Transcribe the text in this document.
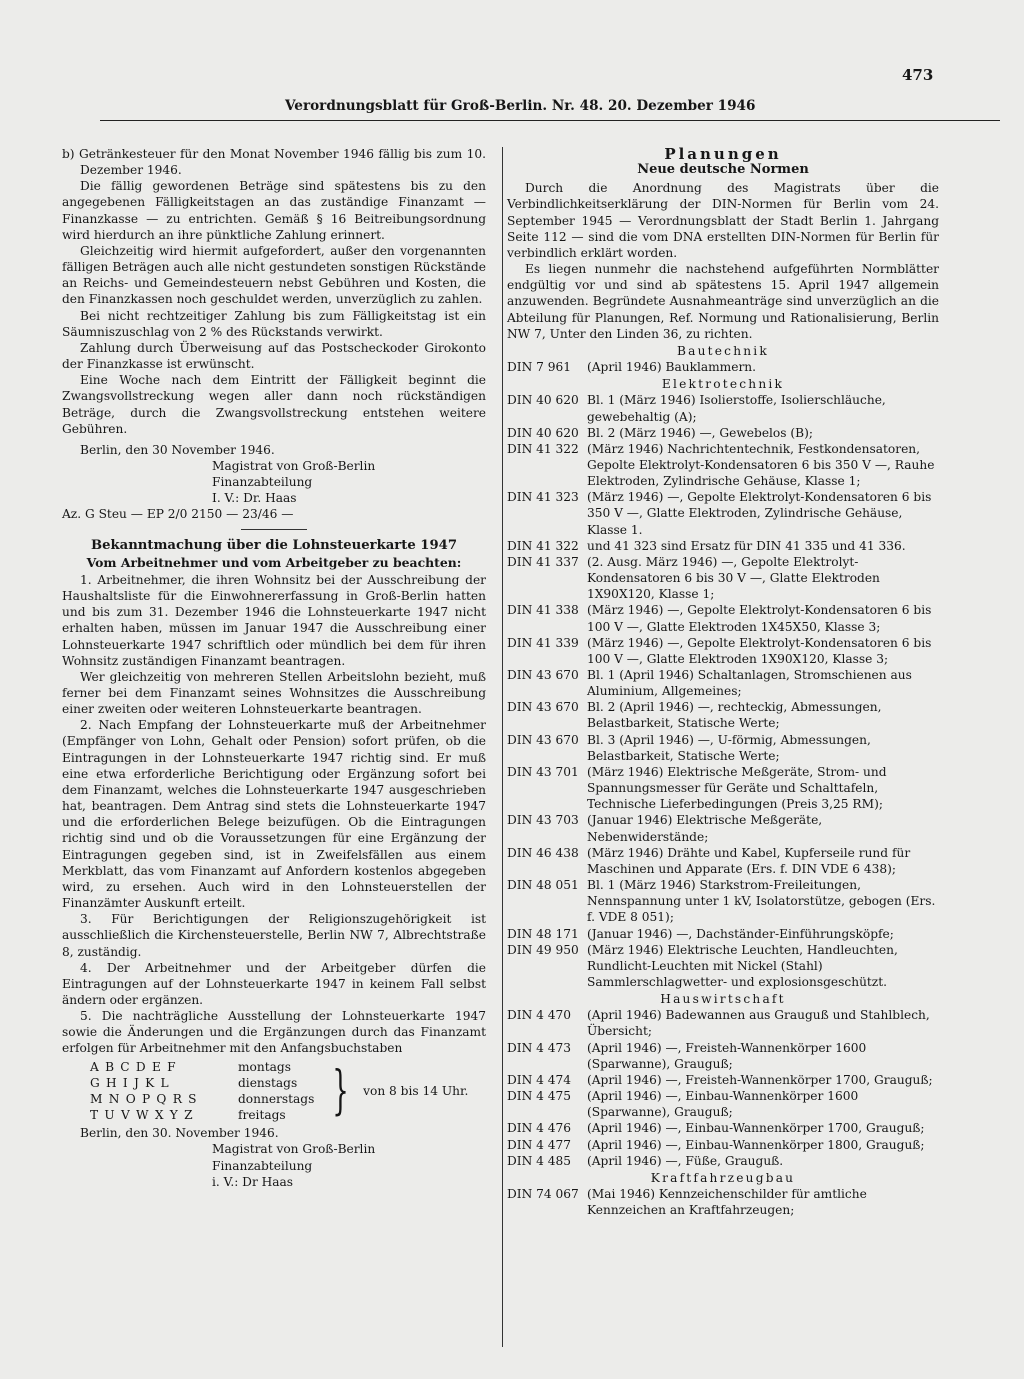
473
Verordnungsblatt für Groß-Berlin. Nr. 48. 20. Dezember 1946

b) Getränkesteuer für den Monat November 1946 fällig bis zum 10. Dezember 1946.

Die fällig gewordenen Beträge sind spätestens bis zu den angegebenen Fälligkeitstagen an das zuständige Finanzamt — Finanzkasse — zu entrichten. Gemäß § 16 Beitreibungsordnung wird hierdurch an ihre pünktliche Zahlung erinnert.

Gleichzeitig wird hiermit aufgefordert, außer den vorgenannten fälligen Beträgen auch alle nicht gestundeten sonstigen Rückstände an Reichs- und Gemeindesteuern nebst Gebühren und Kosten, die den Finanzkassen noch geschuldet werden, unverzüglich zu zahlen.

Bei nicht rechtzeitiger Zahlung bis zum Fälligkeitstag ist ein Säumniszuschlag von 2 % des Rückstands verwirkt.

Zahlung durch Überweisung auf das Postscheckoder Girokonto der Finanzkasse ist erwünscht.

Eine Woche nach dem Eintritt der Fälligkeit beginnt die Zwangsvollstreckung wegen aller dann noch rückständigen Beträge, durch die Zwangsvollstreckung entstehen weitere Gebühren.

Berlin, den 30 November 1946.

Magistrat von Groß-Berlin

Finanzabteilung

I. V.: Dr. Haas

Az. G Steu — EP 2/0 2150 — 23/46 —

Bekanntmachung über die Lohnsteuerkarte 1947
Vom Arbeitnehmer und vom Arbeitgeber zu beachten:

1. Arbeitnehmer, die ihren Wohnsitz bei der Ausschreibung der Haushaltsliste für die Einwohnererfassung in Groß-Berlin hatten und bis zum 31. Dezember 1946 die Lohnsteuerkarte 1947 nicht erhalten haben, müssen im Januar 1947 die Ausschreibung einer Lohnsteuerkarte 1947 schriftlich oder mündlich bei dem für ihren Wohnsitz zuständigen Finanzamt beantragen.

Wer gleichzeitig von mehreren Stellen Arbeitslohn bezieht, muß ferner bei dem Finanzamt seines Wohnsitzes die Ausschreibung einer zweiten oder weiteren Lohnsteuerkarte beantragen.

2. Nach Empfang der Lohnsteuerkarte muß der Arbeitnehmer (Empfänger von Lohn, Gehalt oder Pension) sofort prüfen, ob die Eintragungen in der Lohnsteuerkarte 1947 richtig sind. Er muß eine etwa erforderliche Berichtigung oder Ergänzung sofort bei dem Finanzamt, welches die Lohnsteuerkarte 1947 ausgeschrieben hat, beantragen. Dem Antrag sind stets die Lohnsteuerkarte 1947 und die erforderlichen Belege beizufügen. Ob die Eintragungen richtig sind und ob die Voraussetzungen für eine Ergänzung der Eintragungen gegeben sind, ist in Zweifelsfällen aus einem Merkblatt, das vom Finanzamt auf Anfordern kostenlos abgegeben wird, zu ersehen. Auch wird in den Lohnsteuerstellen der Finanzämter Auskunft erteilt.

3. Für Berichtigungen der Religionszugehörigkeit ist ausschließlich die Kirchensteuerstelle, Berlin NW 7, Albrechtstraße 8, zuständig.

4. Der Arbeitnehmer und der Arbeitgeber dürfen die Eintragungen auf der Lohnsteuerkarte 1947 in keinem Fall selbst ändern oder ergänzen.

5. Die nachträgliche Ausstellung der Lohnsteuerkarte 1947 sowie die Änderungen und die Ergänzungen durch das Finanzamt erfolgen für Arbeitnehmer mit den Anfangsbuchstaben

A B C D E F	montags
G H I J K L	dienstags
M N O P Q R S	donnerstags
T U V W X Y Z	freitags } von 8 bis 14 Uhr.

Berlin, den 30. November 1946.

Magistrat von Groß-Berlin

Finanzabteilung

i. V.: Dr Haas

Planungen

Neue deutsche Normen

Durch die Anordnung des Magistrats über die Verbindlichkeitserklärung der DIN-Normen für Berlin vom 24. September 1945 — Verordnungsblatt der Stadt Berlin 1. Jahrgang Seite 112 — sind die vom DNA erstellten DIN-Normen für Berlin für verbindlich erklärt worden.

Es liegen nunmehr die nachstehend aufgeführten Normblätter endgültig vor und sind ab spätestens 15. April 1947 allgemein anzuwenden. Begründete Ausnahmeanträge sind unverzüglich an die Abteilung für Planungen, Ref. Normung und Rationalisierung, Berlin NW 7, Unter den Linden 36, zu richten.

Bautechnik

DIN 7 961	(April 1946) Bauklammern.

Elektrotechnik

DIN 40 620	Bl. 1 (März 1946) Isolierstoffe, Isolierschläuche, gewebehaltig (A);
DIN 40 620	Bl. 2 (März 1946) —, Gewebelos (B);
DIN 41 322	(März 1946) Nachrichtentechnik, Festkondensatoren, Gepolte Elektrolyt-Kondensatoren 6 bis 350 V —, Rauhe Elektroden, Zylindrische Gehäuse, Klasse 1;
DIN 41 323	(März 1946) —, Gepolte Elektrolyt-Kondensatoren 6 bis 350 V —, Glatte Elektroden, Zylindrische Gehäuse, Klasse 1.
DIN 41 322	und 41 323 sind Ersatz für DIN 41 335 und 41 336.
DIN 41 337	(2. Ausg. März 1946) —, Gepolte Elektrolyt-Kondensatoren 6 bis 30 V —, Glatte Elektroden 1X90X120, Klasse 1;
DIN 41 338	(März 1946) —, Gepolte Elektrolyt-Kondensatoren 6 bis 100 V —, Glatte Elektroden 1X45X50, Klasse 3;
DIN 41 339	(März 1946) —, Gepolte Elektrolyt-Kondensatoren 6 bis 100 V —, Glatte Elektroden 1X90X120, Klasse 3;
DIN 43 670	Bl. 1 (April 1946) Schaltanlagen, Stromschienen aus Aluminium, Allgemeines;
DIN 43 670	Bl. 2 (April 1946) —, rechteckig, Abmessungen, Belastbarkeit, Statische Werte;
DIN 43 670	Bl. 3 (April 1946) —, U-förmig, Abmessungen, Belastbarkeit, Statische Werte;
DIN 43 701	(März 1946) Elektrische Meßgeräte, Strom- und Spannungsmesser für Geräte und Schalttafeln, Technische Lieferbedingungen (Preis 3,25 RM);
DIN 43 703	(Januar 1946) Elektrische Meßgeräte, Nebenwiderstände;
DIN 46 438	(März 1946) Drähte und Kabel, Kupferseile rund für Maschinen und Apparate (Ers. f. DIN VDE 6 438);
DIN 48 051	Bl. 1 (März 1946) Starkstrom-Freileitungen, Nennspannung unter 1 kV, Isolatorstütze, gebogen (Ers. f. VDE 8 051);
DIN 48 171	(Januar 1946) —, Dachständer-Einführungsköpfe;
DIN 49 950	(März 1946) Elektrische Leuchten, Handleuchten, Rundlicht-Leuchten mit Nickel (Stahl) Sammlerschlagwetter- und explosionsgeschützt.

Hauswirtschaft

DIN 4 470	(April 1946) Badewannen aus Grauguß und Stahlblech, Übersicht;
DIN 4 473	(April 1946) —, Freisteh-Wannenkörper 1600 (Sparwanne), Grauguß;
DIN 4 474	(April 1946) —, Freisteh-Wannenkörper 1700, Grauguß;
DIN 4 475	(April 1946) —, Einbau-Wannenkörper 1600 (Sparwanne), Grauguß;
DIN 4 476	(April 1946) —, Einbau-Wannenkörper 1700, Grauguß;
DIN 4 477	(April 1946) —, Einbau-Wannenkörper 1800, Grauguß;
DIN 4 485	(April 1946) —, Füße, Grauguß.

Kraftfahrzeugbau

DIN 74 067	(Mai 1946) Kennzeichenschilder für amtliche Kennzeichen an Kraftfahrzeugen;
